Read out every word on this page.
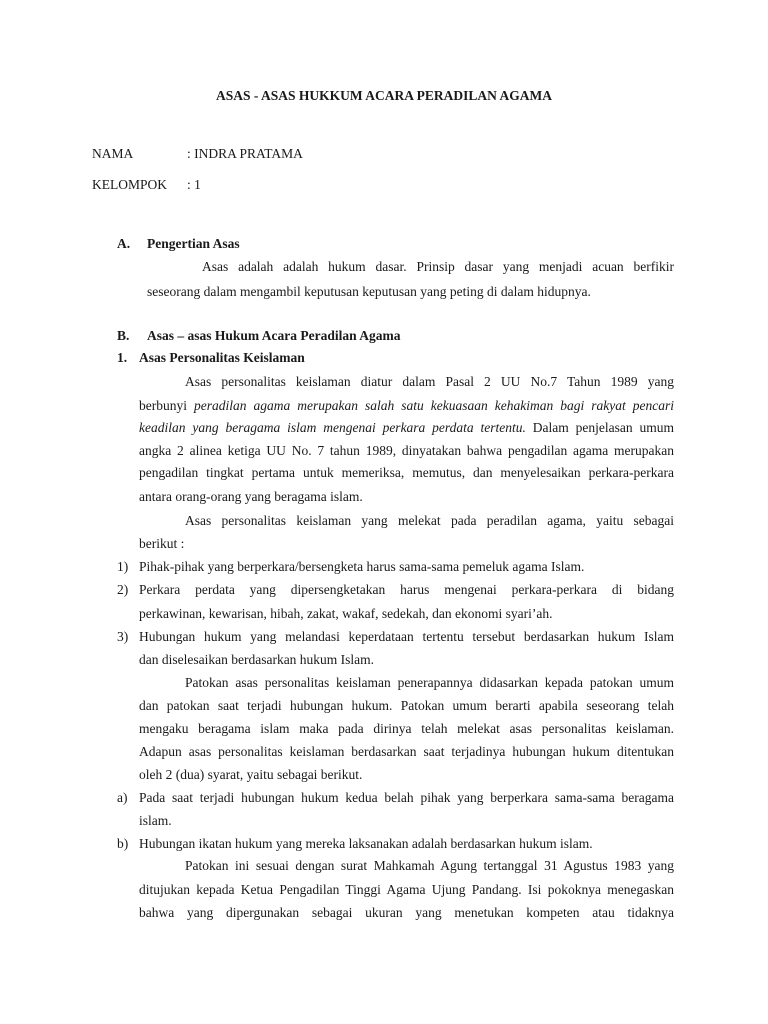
ASAS - ASAS HUKKUM ACARA PERADILAN AGAMA
NAMA	: INDRA PRATAMA
KELOMPOK : 1
A. Pengertian Asas
Asas adalah adalah hukum dasar. Prinsip dasar yang menjadi acuan berfikir
seseorang dalam mengambil keputusan keputusan yang peting di dalam hidupnya.
B. Asas – asas Hukum Acara Peradilan Agama
1. Asas Personalitas Keislaman
Asas personalitas keislaman diatur dalam Pasal 2 UU No.7 Tahun 1989 yang
berbunyi peradilan agama merupakan salah satu kekuasaan kehakiman bagi rakyat pencari
keadilan yang beragama islam mengenai perkara perdata tertentu. Dalam penjelasan umum
angka 2 alinea ketiga UU No. 7 tahun 1989, dinyatakan bahwa pengadilan agama merupakan
pengadilan tingkat pertama untuk memeriksa, memutus, dan menyelesaikan perkara-perkara
antara orang-orang yang beragama islam.
Asas personalitas keislaman yang melekat pada peradilan agama, yaitu sebagai
berikut :
1) Pihak-pihak yang berperkara/bersengketa harus sama-sama pemeluk agama Islam.
2) Perkara perdata yang dipersengketakan harus mengenai perkara-perkara di bidang
perkawinan, kewarisan, hibah, zakat, wakaf, sedekah, dan ekonomi syari’ah.
3) Hubungan hukum yang melandasi keperdataan tertentu tersebut berdasarkan hukum Islam
dan diselesaikan berdasarkan hukum Islam.
Patokan asas personalitas keislaman penerapannya didasarkan kepada patokan umum
dan patokan saat terjadi hubungan hukum. Patokan umum berarti apabila seseorang telah
mengaku beragama islam maka pada dirinya telah melekat asas personalitas keislaman.
Adapun asas personalitas keislaman berdasarkan saat terjadinya hubungan hukum ditentukan
oleh 2 (dua) syarat, yaitu sebagai berikut.
a) Pada saat terjadi hubungan hukum kedua belah pihak yang berperkara sama-sama beragama
islam.
b) Hubungan ikatan hukum yang mereka laksanakan adalah berdasarkan hukum islam.
Patokan ini sesuai dengan surat Mahkamah Agung tertanggal 31 Agustus 1983 yang
ditujukan kepada Ketua Pengadilan Tinggi Agama Ujung Pandang. Isi pokoknya menegaskan
bahwa yang dipergunakan sebagai ukuran yang menetukan kompeten atau tidaknya
